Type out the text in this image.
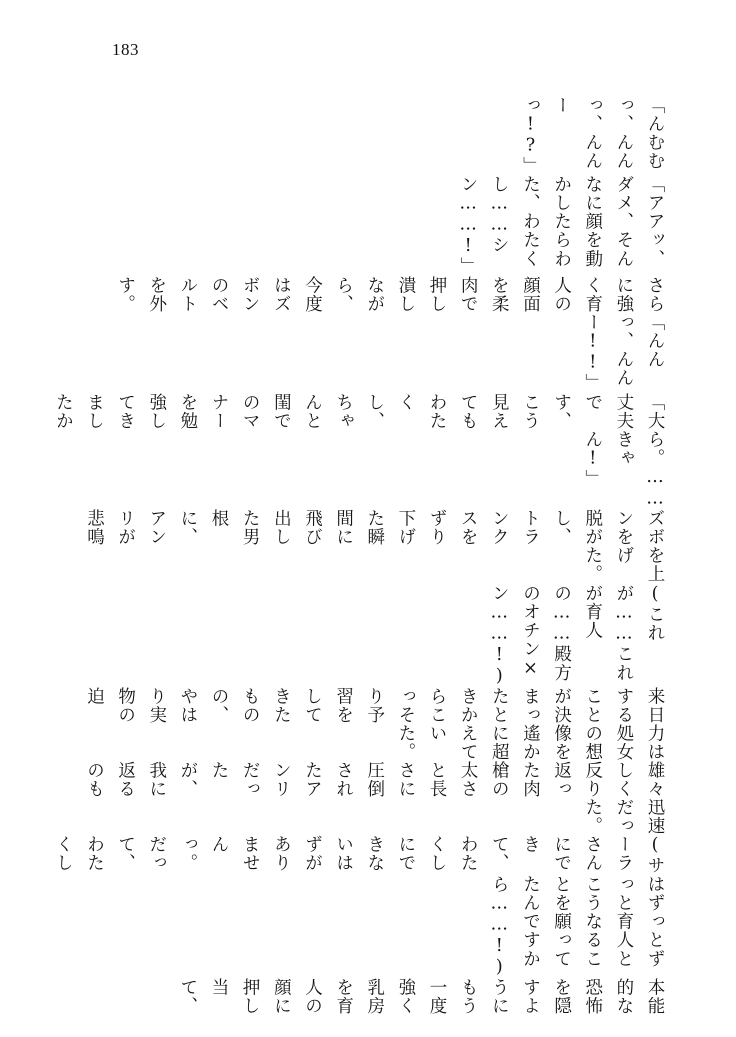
183

「んむむっ、んんっ、んんーっ!?」

「アアッ、ダメ、そんなに顔を動かしたらわた、わたくし……シン……!」

さらに強く育人の顔面を柔肉で押し潰しながら、今度はズボンのベルトを外す。

「んんっ、んんー!!」

「大丈夫です、こう見えてもわたくし、ちゃんと閨でのマナーを勉強してきましたか

ら。……きゃん!」

ズボンを脱がし、トランクスをずり下げた瞬間に飛び出した男根に、アンリが悲鳴

を上げた。

(これが……これが育人の……殿方のオチン×ン……!)

来日することが決まったときからこっそり予習をしてきたものの、やはり実物の迫

力は処女の想像を遙かに超えていた。

雄々しく反り返った肉槍の太さと長さに圧倒されたアンリだったが、我に返るのも

迅速だった。

(サーラさんにできて、わたくしにできないはずがありませんっ。だって、わたくし

はずっとずっと育人とこうなることを願ってたんですから……!)

本能的な恐怖を隠すようにもう一度強く乳房を育人の顔に押し当て、
